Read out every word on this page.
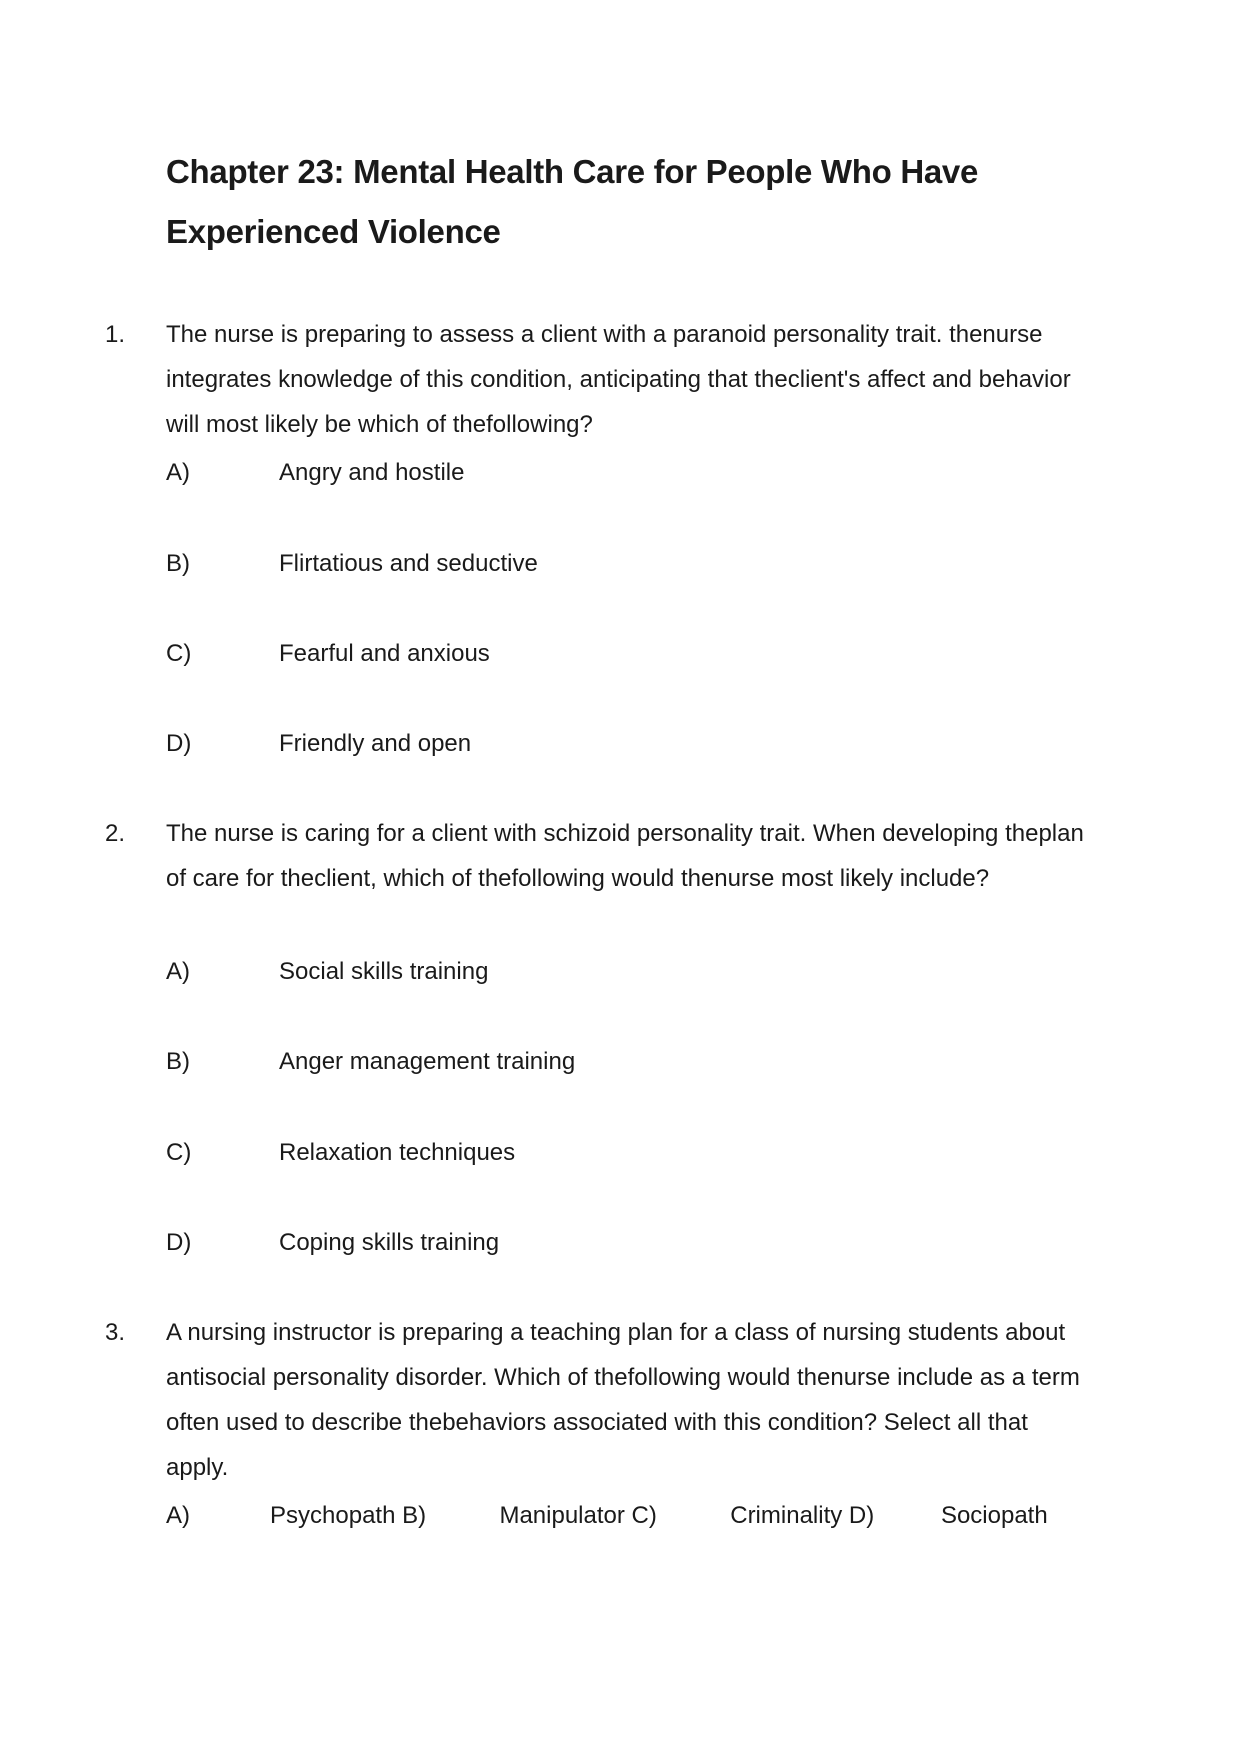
Chapter 23: Mental Health Care for People Who Have Experienced Violence
1. The nurse is preparing to assess a client with a paranoid personality trait. thenurse integrates knowledge of this condition, anticipating that theclient's affect and behavior will most likely be which of thefollowing?

A)	Angry and hostile
B)	Flirtatious and seductive
C)	Fearful and anxious
D)	Friendly and open
2. The nurse is caring for a client with schizoid personality trait. When developing theplan of care for theclient, which of thefollowing would thenurse most likely include?

A)	Social skills training
B)	Anger management training
C)	Relaxation techniques
D)	Coping skills training
3. A nursing instructor is preparing a teaching plan for a class of nursing students about antisocial personality disorder. Which of thefollowing would thenurse include as a term often used to describe thebehaviors associated with this condition? Select all that apply.

A)	Psychopath B)	Manipulator C)	Criminality D)	Sociopath
